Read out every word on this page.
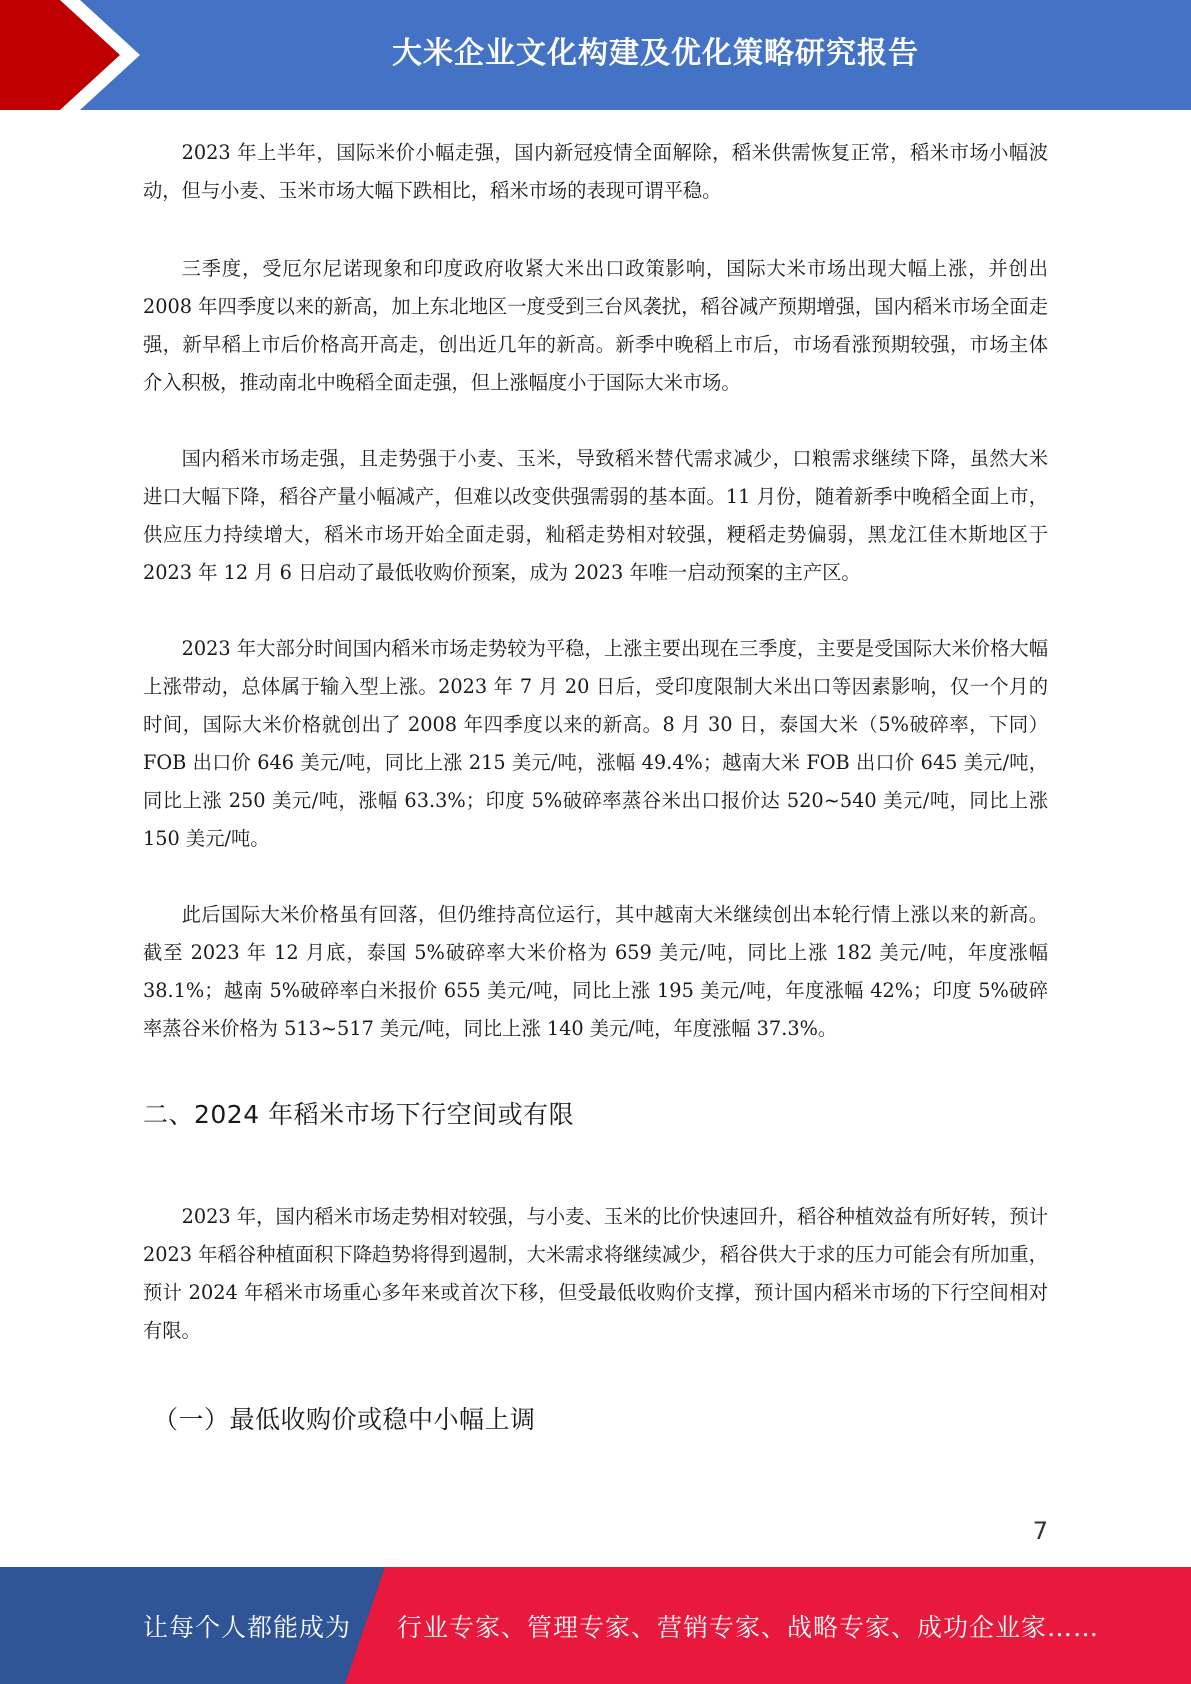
大米企业文化构建及优化策略研究报告

2023 年上半年，国际米价小幅走强，国内新冠疫情全面解除，稻米供需恢复正常，稻米市场小幅波动，但与小麦、玉米市场大幅下跌相比，稻米市场的表现可谓平稳。

三季度，受厄尔尼诺现象和印度政府收紧大米出口政策影响，国际大米市场出现大幅上涨，并创出 2008 年四季度以来的新高，加上东北地区一度受到三台风袭扰，稻谷减产预期增强，国内稻米市场全面走强，新早稻上市后价格高开高走，创出近几年的新高。新季中晚稻上市后，市场看涨预期较强，市场主体介入积极，推动南北中晚稻全面走强，但上涨幅度小于国际大米市场。

国内稻米市场走强，且走势强于小麦、玉米，导致稻米替代需求减少，口粮需求继续下降，虽然大米进口大幅下降，稻谷产量小幅减产，但难以改变供强需弱的基本面。11 月份，随着新季中晚稻全面上市，供应压力持续增大，稻米市场开始全面走弱，籼稻走势相对较强，粳稻走势偏弱，黑龙江佳木斯地区于 2023 年 12 月 6 日启动了最低收购价预案，成为 2023 年唯一启动预案的主产区。

2023 年大部分时间国内稻米市场走势较为平稳，上涨主要出现在三季度，主要是受国际大米价格大幅上涨带动，总体属于输入型上涨。2023 年 7 月 20 日后，受印度限制大米出口等因素影响，仅一个月的时间，国际大米价格就创出了 2008 年四季度以来的新高。8 月 30 日，泰国大米（5%破碎率，下同）FOB 出口价 646 美元/吨，同比上涨 215 美元/吨，涨幅 49.4%；越南大米 FOB 出口价 645 美元/吨，同比上涨 250 美元/吨，涨幅 63.3%；印度 5%破碎率蒸谷米出口报价达 520~540 美元/吨，同比上涨 150 美元/吨。

此后国际大米价格虽有回落，但仍维持高位运行，其中越南大米继续创出本轮行情上涨以来的新高。截至 2023 年 12 月底，泰国 5%破碎率大米价格为 659 美元/吨，同比上涨 182 美元/吨，年度涨幅 38.1%；越南 5%破碎率白米报价 655 美元/吨，同比上涨 195 美元/吨，年度涨幅 42%；印度 5%破碎率蒸谷米价格为 513~517 美元/吨，同比上涨 140 美元/吨，年度涨幅 37.3%。

二、2024 年稻米市场下行空间或有限

2023 年，国内稻米市场走势相对较强，与小麦、玉米的比价快速回升，稻谷种植效益有所好转，预计 2023 年稻谷种植面积下降趋势将得到遏制，大米需求将继续减少，稻谷供大于求的压力可能会有所加重，预计 2024 年稻米市场重心多年来或首次下移，但受最低收购价支撑，预计国内稻米市场的下行空间相对有限。

（一）最低收购价或稳中小幅上调
7
让每个人都能成为 行业专家、管理专家、营销专家、战略专家、成功企业家……
